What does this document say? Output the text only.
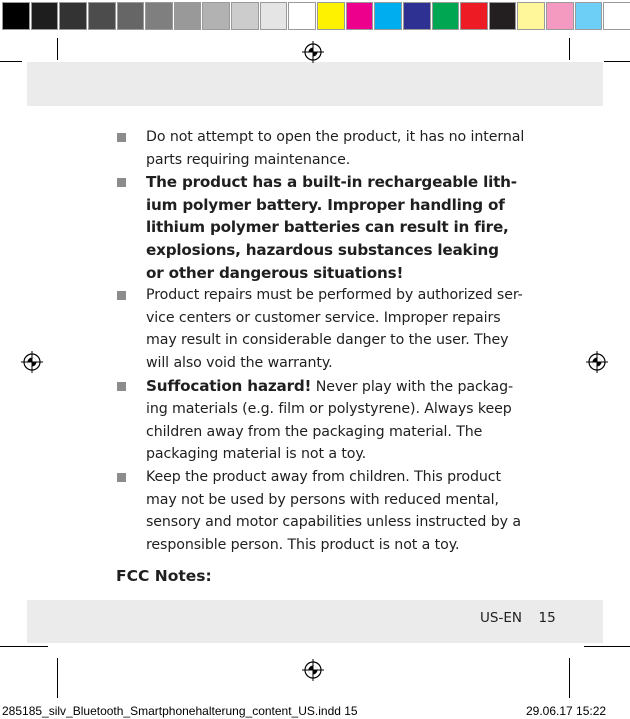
Do not attempt to open the product, it has no internal
parts requiring maintenance.
The product has a built-in rechargeable lith-
ium polymer battery. Improper handling of
lithium polymer batteries can result in fire,
explosions, hazardous substances leaking
or other dangerous situations!
Product repairs must be performed by authorized ser-
vice centers or customer service. Improper repairs
may result in considerable danger to the user. They
will also void the warranty.
Suffocation hazard! Never play with the packag-
ing materials (e.g. film or polystyrene). Always keep
children away from the packaging material. The
packaging material is not a toy.
Keep the product away from children. This product
may not be used by persons with reduced mental,
sensory and motor capabilities unless instructed by a
responsible person. This product is not a toy.
FCC Notes:
US-EN 15
285185_silv_Bluetooth_Smartphonehalterung_content_US.indd 15	29.06.17 15:22
